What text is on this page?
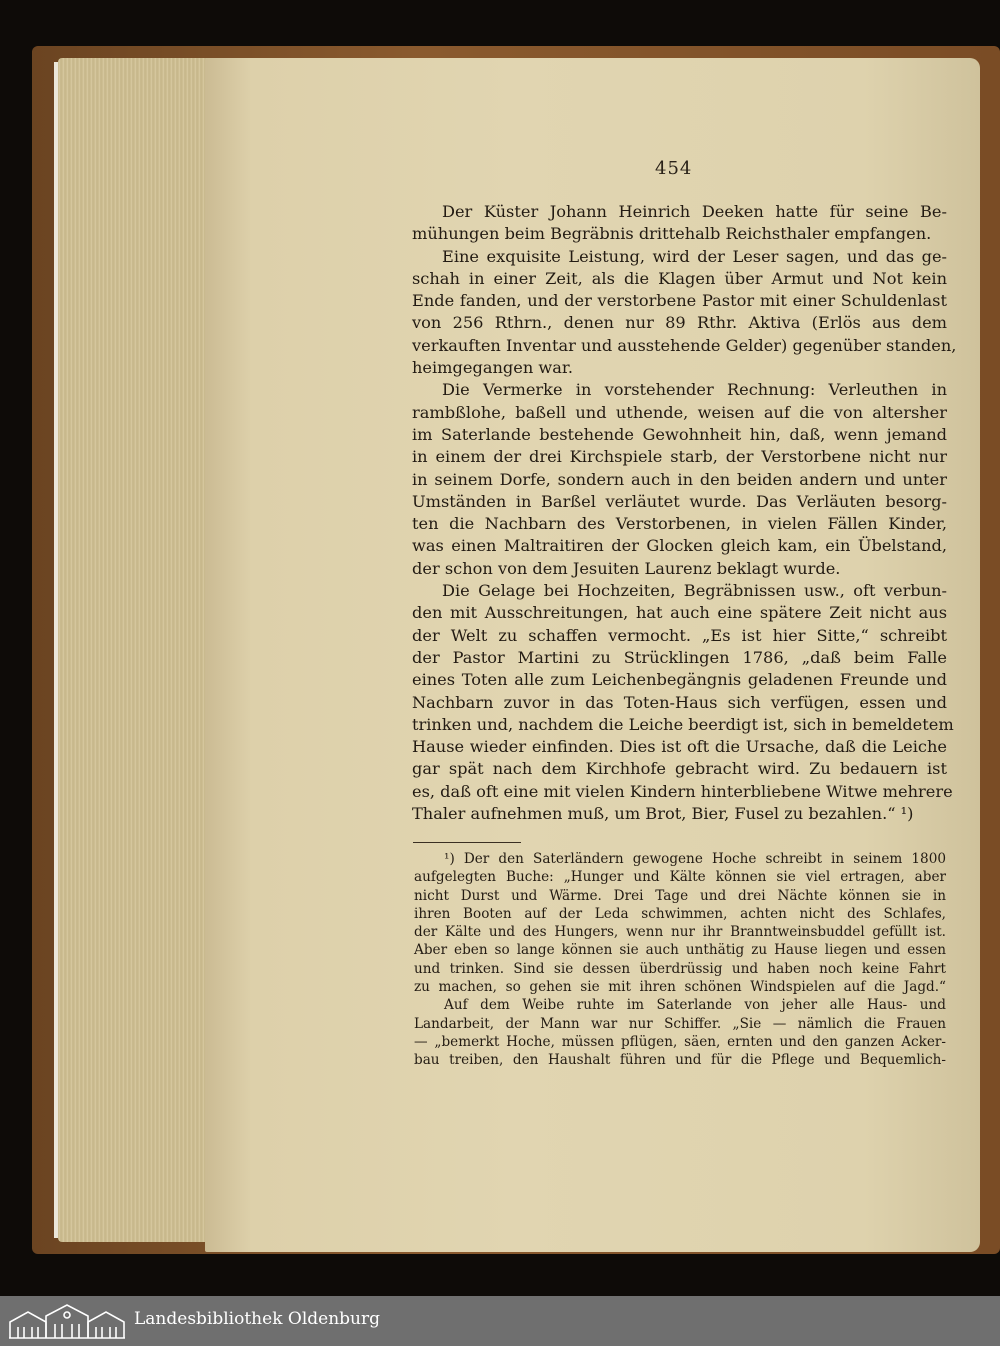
454
Der Küster Johann Heinrich Deeken hatte für seine Be-
mühungen beim Begräbnis drittehalb Reichsthaler empfangen.
Eine exquisite Leistung, wird der Leser sagen, und das ge-
schah in einer Zeit, als die Klagen über Armut und Not kein
Ende fanden, und der verstorbene Pastor mit einer Schuldenlast
von 256 Rthrn., denen nur 89 Rthr. Aktiva (Erlös aus dem
verkauften Inventar und ausstehende Gelder) gegenüber standen,
heimgegangen war.
Die Vermerke in vorstehender Rechnung: Verleuthen in
rambßlohe, baßell und uthende, weisen auf die von altersher
im Saterlande bestehende Gewohnheit hin, daß, wenn jemand
in einem der drei Kirchspiele starb, der Verstorbene nicht nur
in seinem Dorfe, sondern auch in den beiden andern und unter
Umständen in Barßel verläutet wurde. Das Verläuten besorg-
ten die Nachbarn des Verstorbenen, in vielen Fällen Kinder,
was einen Maltraitiren der Glocken gleich kam, ein Übelstand,
der schon von dem Jesuiten Laurenz beklagt wurde.
Die Gelage bei Hochzeiten, Begräbnissen usw., oft verbun-
den mit Ausschreitungen, hat auch eine spätere Zeit nicht aus
der Welt zu schaffen vermocht. „Es ist hier Sitte,“ schreibt
der Pastor Martini zu Strücklingen 1786, „daß beim Falle
eines Toten alle zum Leichenbegängnis geladenen Freunde und
Nachbarn zuvor in das Toten-Haus sich verfügen, essen und
trinken und, nachdem die Leiche beerdigt ist, sich in bemeldetem
Hause wieder einfinden. Dies ist oft die Ursache, daß die Leiche
gar spät nach dem Kirchhofe gebracht wird. Zu bedauern ist
es, daß oft eine mit vielen Kindern hinterbliebene Witwe mehrere
Thaler aufnehmen muß, um Brot, Bier, Fusel zu bezahlen.“ ¹)
¹) Der den Saterländern gewogene Hoche schreibt in seinem 1800
aufgelegten Buche: „Hunger und Kälte können sie viel ertragen, aber
nicht Durst und Wärme. Drei Tage und drei Nächte können sie in
ihren Booten auf der Leda schwimmen, achten nicht des Schlafes,
der Kälte und des Hungers, wenn nur ihr Branntweinsbuddel gefüllt ist.
Aber eben so lange können sie auch unthätig zu Hause liegen und essen
und trinken. Sind sie dessen überdrüssig und haben noch keine Fahrt
zu machen, so gehen sie mit ihren schönen Windspielen auf die Jagd.“
Auf dem Weibe ruhte im Saterlande von jeher alle Haus- und
Landarbeit, der Mann war nur Schiffer. „Sie — nämlich die Frauen
— „bemerkt Hoche, müssen pflügen, säen, ernten und den ganzen Acker-
bau treiben, den Haushalt führen und für die Pflege und Bequemlich-
Landesbibliothek Oldenburg
